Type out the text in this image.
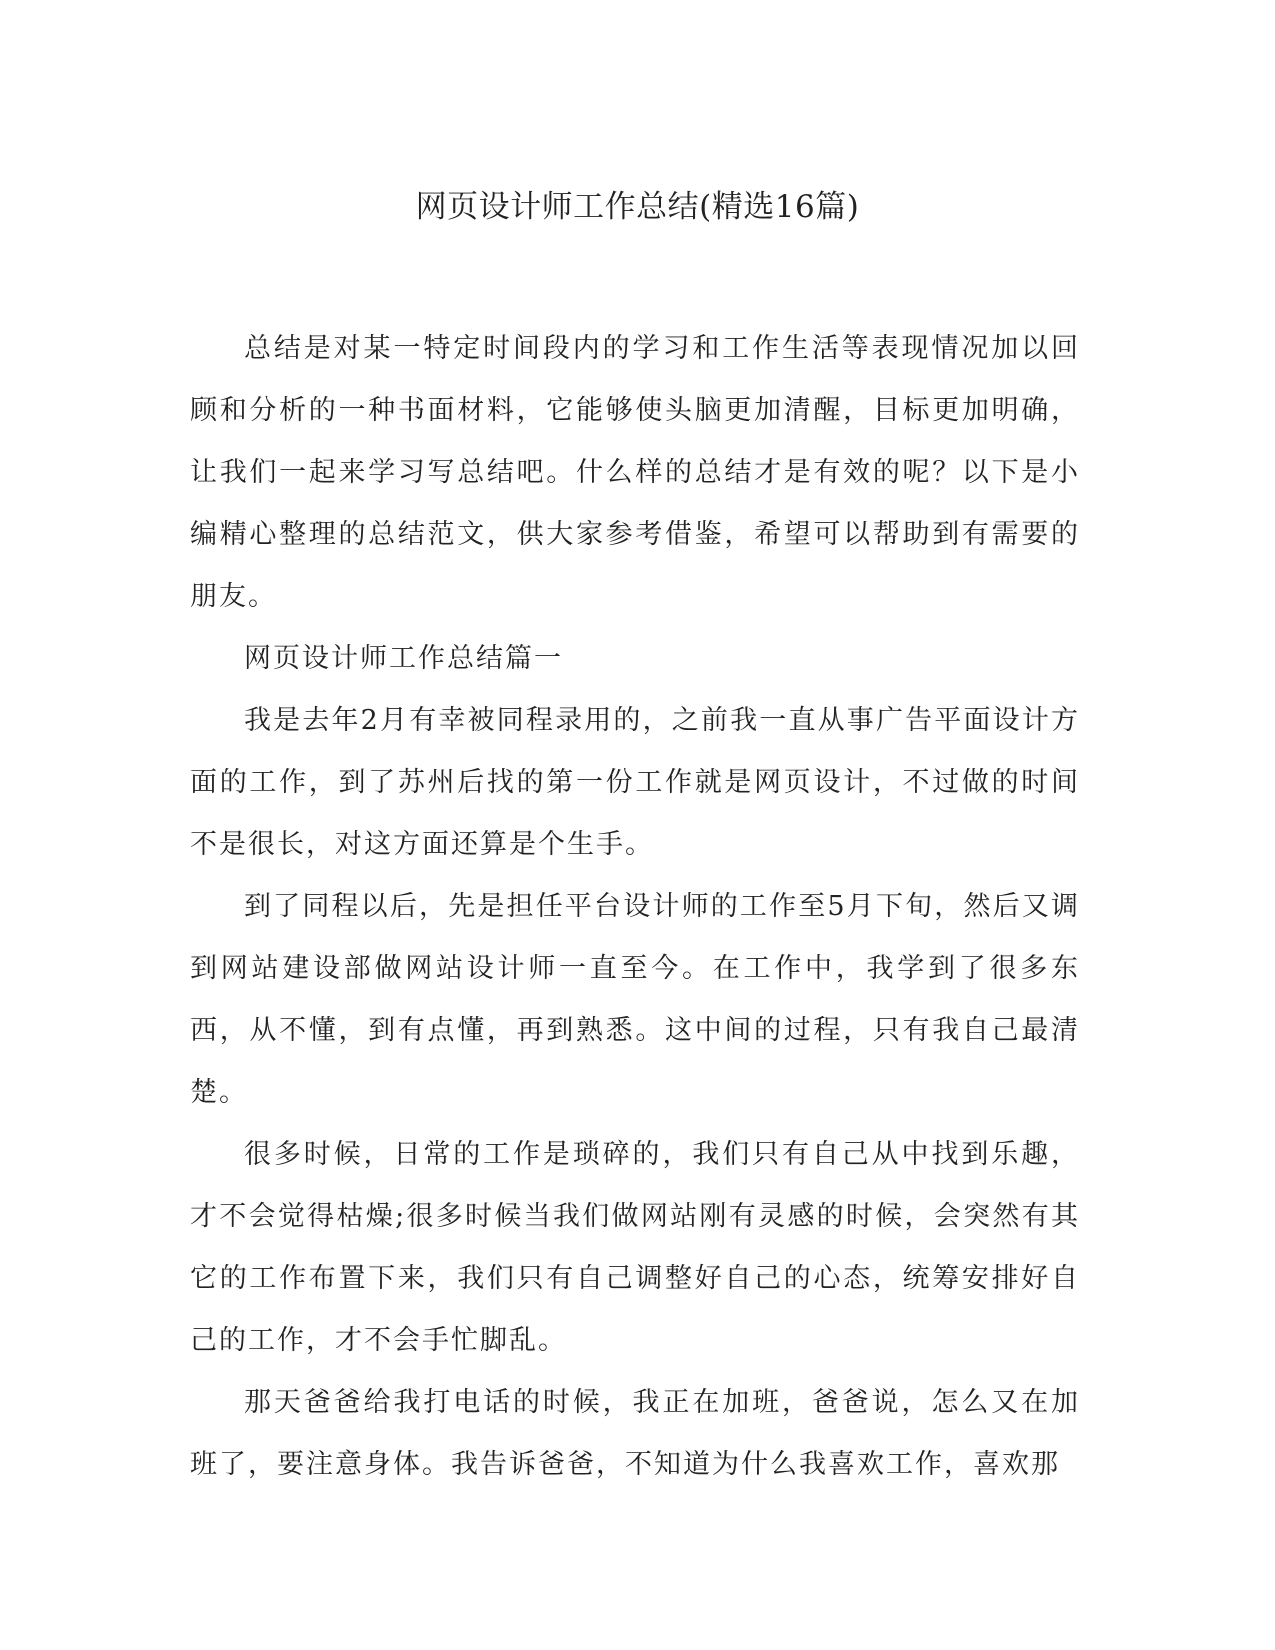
网页设计师工作总结(精选16篇)

总结是对某一特定时间段内的学习和工作生活等表现情况加以回顾和分析的一种书面材料，它能够使头脑更加清醒，目标更加明确，让我们一起来学习写总结吧。什么样的总结才是有效的呢？以下是小编精心整理的总结范文，供大家参考借鉴，希望可以帮助到有需要的朋友。

网页设计师工作总结篇一

我是去年2月有幸被同程录用的，之前我一直从事广告平面设计方面的工作，到了苏州后找的第一份工作就是网页设计，不过做的时间不是很长，对这方面还算是个生手。

到了同程以后，先是担任平台设计师的工作至5月下旬，然后又调到网站建设部做网站设计师一直至今。在工作中，我学到了很多东西，从不懂，到有点懂，再到熟悉。这中间的过程，只有我自己最清楚。

很多时候，日常的工作是琐碎的，我们只有自己从中找到乐趣，才不会觉得枯燥;很多时候当我们做网站刚有灵感的时候，会突然有其它的工作布置下来，我们只有自己调整好自己的心态，统筹安排好自己的工作，才不会手忙脚乱。

那天爸爸给我打电话的时候，我正在加班，爸爸说，怎么又在加班了，要注意身体。我告诉爸爸，不知道为什么我喜欢工作，喜欢那
